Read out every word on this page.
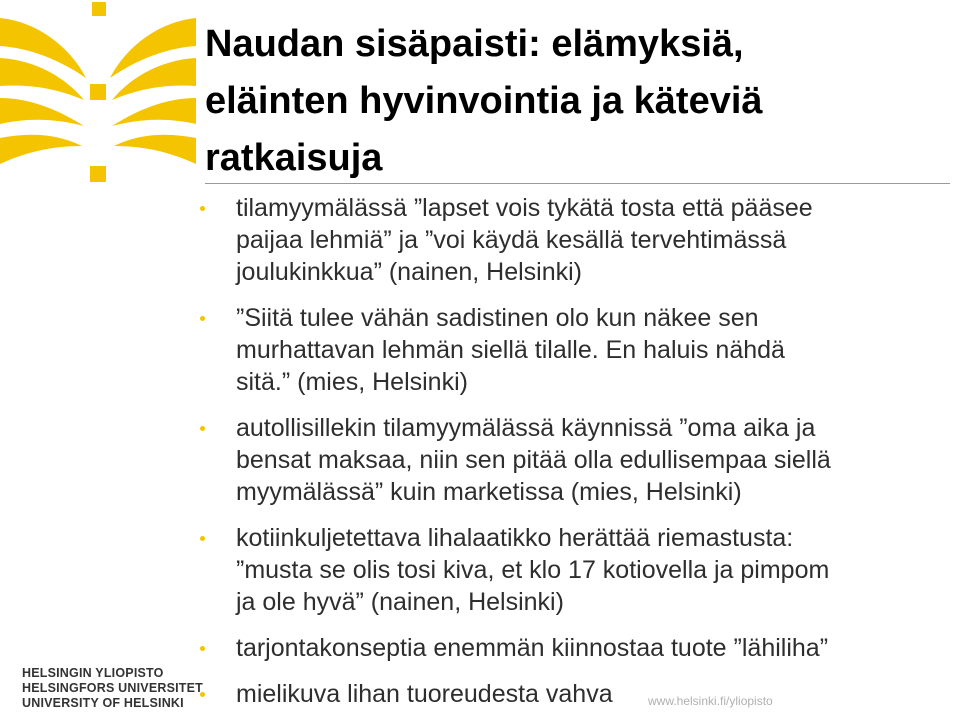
Naudan sisäpaisti: elämyksiä,
eläinten hyvinvointia ja käteviä
ratkaisuja
tilamyymälässä ”lapset vois tykätä tosta että pääsee
paijaa lehmiä” ja ”voi käydä kesällä tervehtimässä
joulukinkkua” (nainen, Helsinki)
”Siitä tulee vähän sadistinen olo kun näkee sen
murhattavan lehmän siellä tilalle. En haluis nähdä
sitä.” (mies, Helsinki)
autollisillekin tilamyymälässä käynnissä ”oma aika ja
bensat maksaa, niin sen pitää olla edullisempaa siellä
myymälässä” kuin marketissa (mies, Helsinki)
kotiinkuljetettava lihalaatikko herättää riemastusta:
”musta se olis tosi kiva, et klo 17 kotiovella ja pimpom
ja ole hyvä” (nainen, Helsinki)
tarjontakonseptia enemmän kiinnostaa tuote ”lähiliha”
mielikuva lihan tuoreudesta vahva
HELSINGIN YLIOPISTO
HELSINGFORS UNIVERSITET
UNIVERSITY OF HELSINKI	www.helsinki.fi/yliopisto
